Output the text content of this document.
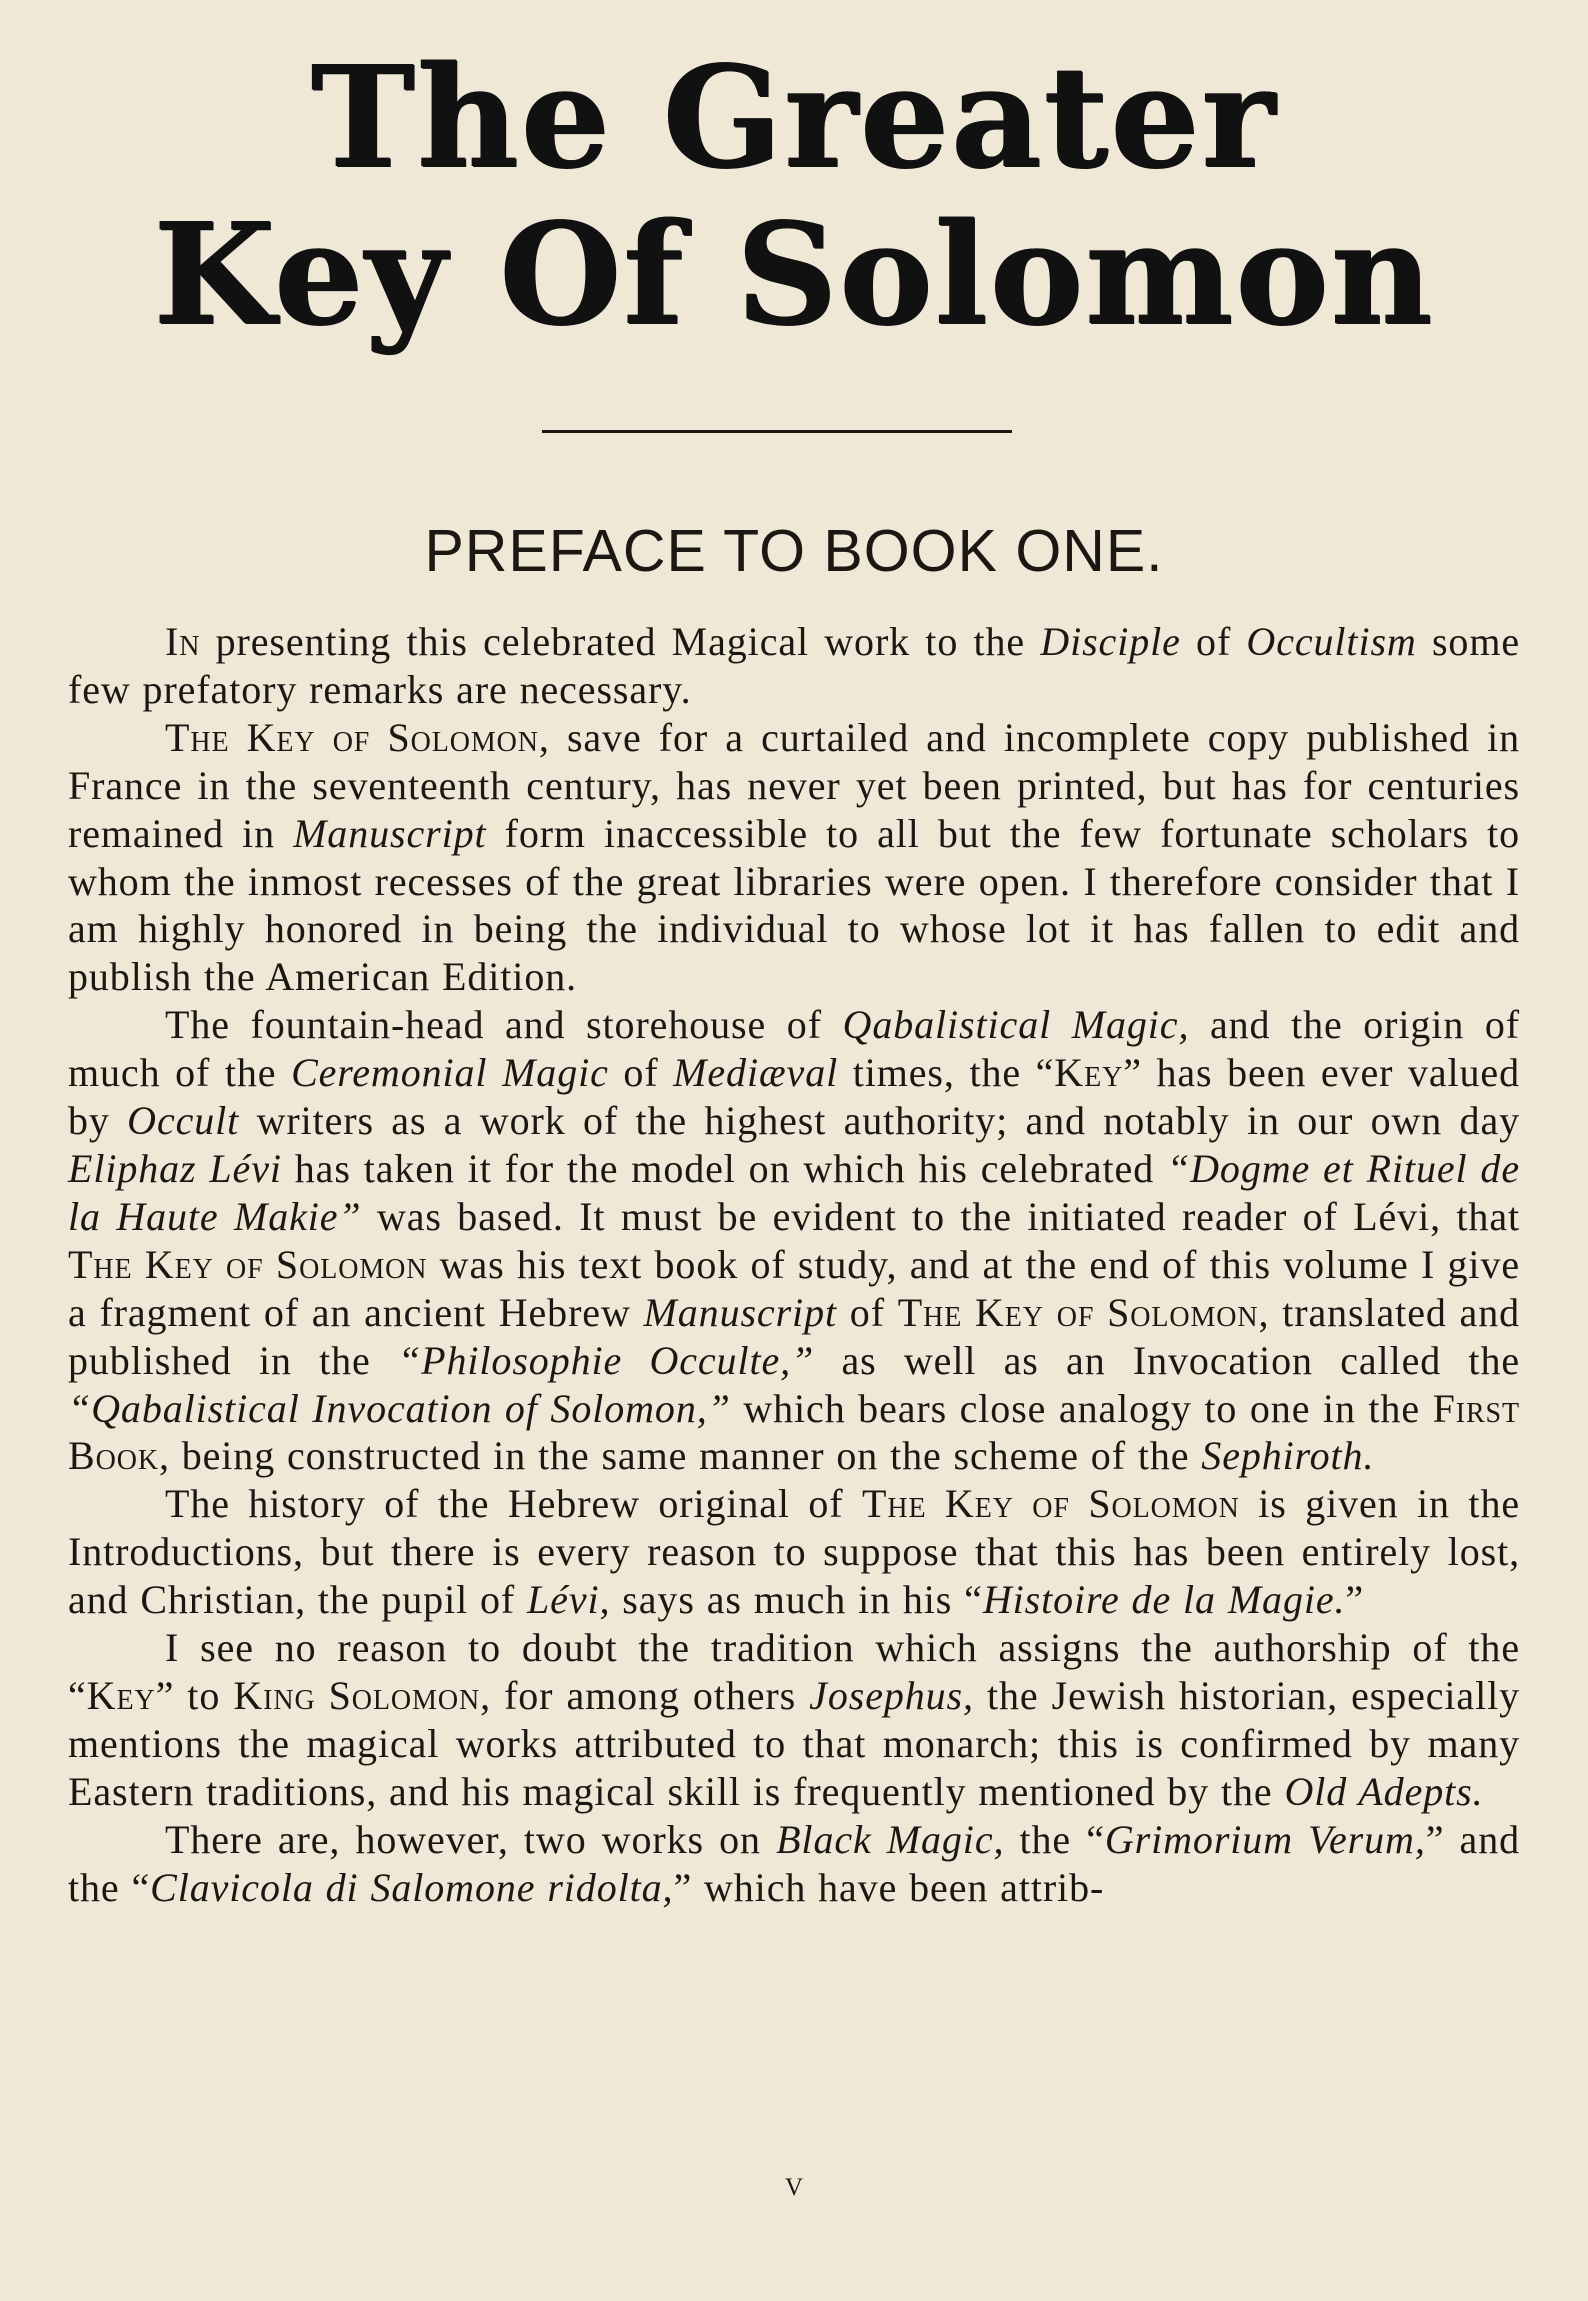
The Greater
Key Of Solomon
PREFACE TO BOOK ONE.

In presenting this celebrated Magical work to the Disciple of Occultism some few prefatory remarks are necessary.

The Key of Solomon, save for a curtailed and incomplete copy published in France in the seventeenth century, has never yet been printed, but has for centuries remained in Manuscript form inaccessible to all but the few fortunate scholars to whom the inmost recesses of the great libraries were open. I therefore consider that I am highly honored in being the individual to whose lot it has fallen to edit and publish the American Edition.

The fountain-head and storehouse of Qabalistical Magic, and the origin of much of the Ceremonial Magic of Mediæval times, the “Key” has been ever valued by Occult writers as a work of the highest authority; and notably in our own day Eliphaz Lévi has taken it for the model on which his celebrated “Dogme et Rituel de la Haute Makie” was based. It must be evident to the initiated reader of Lévi, that The Key of Solomon was his text book of study, and at the end of this volume I give a fragment of an ancient Hebrew Manuscript of The Key of Solomon, translated and published in the “Philosophie Occulte,” as well as an Invocation called the “Qabalistical Invocation of Solomon,” which bears close analogy to one in the First Book, being constructed in the same manner on the scheme of the Sephiroth.

The history of the Hebrew original of The Key of Solomon is given in the Introductions, but there is every reason to suppose that this has been entirely lost, and Christian, the pupil of Lévi, says as much in his “Histoire de la Magie.”

I see no reason to doubt the tradition which assigns the authorship of the “Key” to King Solomon, for among others Josephus, the Jewish historian, especially mentions the magical works attributed to that monarch; this is confirmed by many Eastern traditions, and his magical skill is frequently mentioned by the Old Adepts.

There are, however, two works on Black Magic, the “Grimorium Verum,” and the “Clavicola di Salomone ridolta,” which have been attrib-

v
